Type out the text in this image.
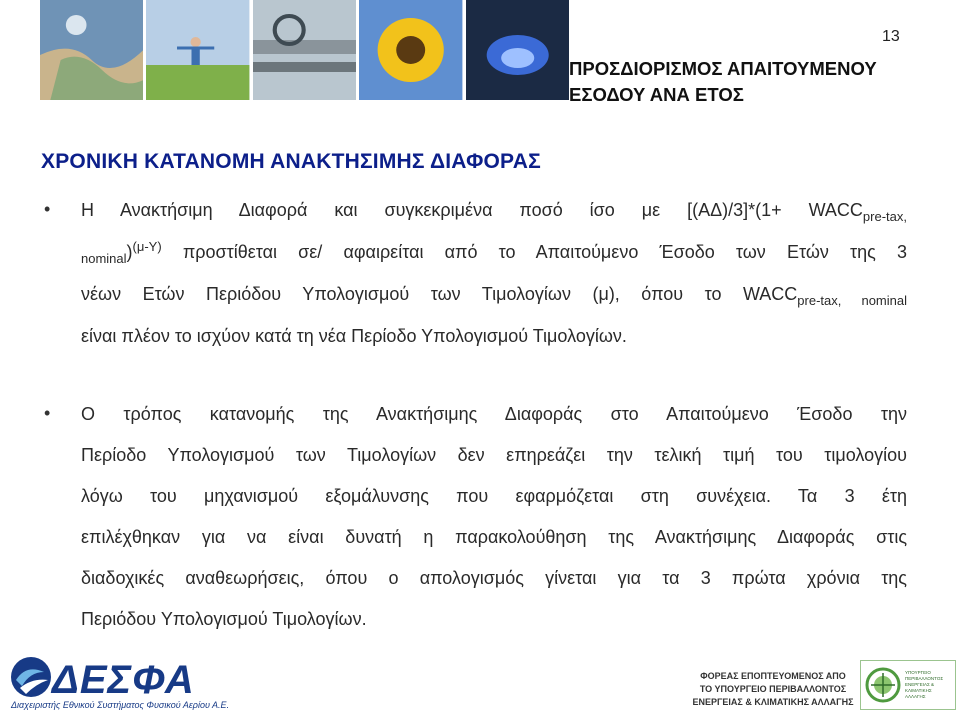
13
ΠΡΟΣΔΙΟΡΙΣΜΟΣ ΑΠΑΙΤΟΥΜΕΝΟΥ
ΕΣΟΔΟΥ ΑΝΑ ΕΤΟΣ
ΧΡΟΝΙΚΗ ΚΑΤΑΝΟΜΗ ΑΝΑΚΤΗΣΙΜΗΣ ΔΙΑΦΟΡΑΣ
•	Η Ανακτήσιμη Διαφορά και συγκεκριμένα ποσό ίσο με $[(A\Delta)/3]*(1+ WACC_{pre-tax,}$
$_{nominal}$)$^{(\mu-\Upsilon)}$ προστίθεται σε/ αφαιρείται από το Απαιτούμενο Έσοδο των Ετών της 3
νέων Ετών Περιόδου Υπολογισμού των Τιμολογίων (μ), όπου το $WACC_{pre-tax, nominal}$
είναι πλέον το ισχύον κατά τη νέα Περίοδο Υπολογισμού Τιμολογίων.
•	Ο τρόπος κατανομής της Ανακτήσιμης Διαφοράς στο Απαιτούμενο Έσοδο την
Περίοδο Υπολογισμού των Τιμολογίων δεν επηρεάζει την τελική τιμή του τιμολογίου
λόγω του μηχανισμού εξομάλυνσης που εφαρμόζεται στη συνέχεια. Τα 3 έτη
επιλέχθηκαν για να είναι δυνατή η παρακολούθηση της Ανακτήσιμης Διαφοράς στις
διαδοχικές αναθεωρήσεις, όπου ο απολογισμός γίνεται για τα 3 πρώτα χρόνια της
Περιόδου Υπολογισμού Τιμολογίων.
ΔΕΣΦΑ
Διαχειριστής Εθνικού Συστήματος Φυσικού Αερίου Α.Ε.
ΦΟΡΕΑΣ ΕΠΟΠΤΕΥΟΜΕΝΟΣ ΑΠΟ
ΤΟ ΥΠΟΥΡΓΕΙΟ ΠΕΡΙΒΑΛΛΟΝΤΟΣ
ΕΝΕΡΓΕΙΑΣ & ΚΛΙΜΑΤΙΚΗΣ ΑΛΛΑΓΗΣ
ΥΠΟΥΡΓΕΙΟ
ΠΕΡΙΒΑΛΛΟΝΤΟΣ
ΕΝΕΡΓΕΙΑΣ &
ΚΛΙΜΑΤΙΚΗΣ
ΑΛΛΑΓΗΣ
